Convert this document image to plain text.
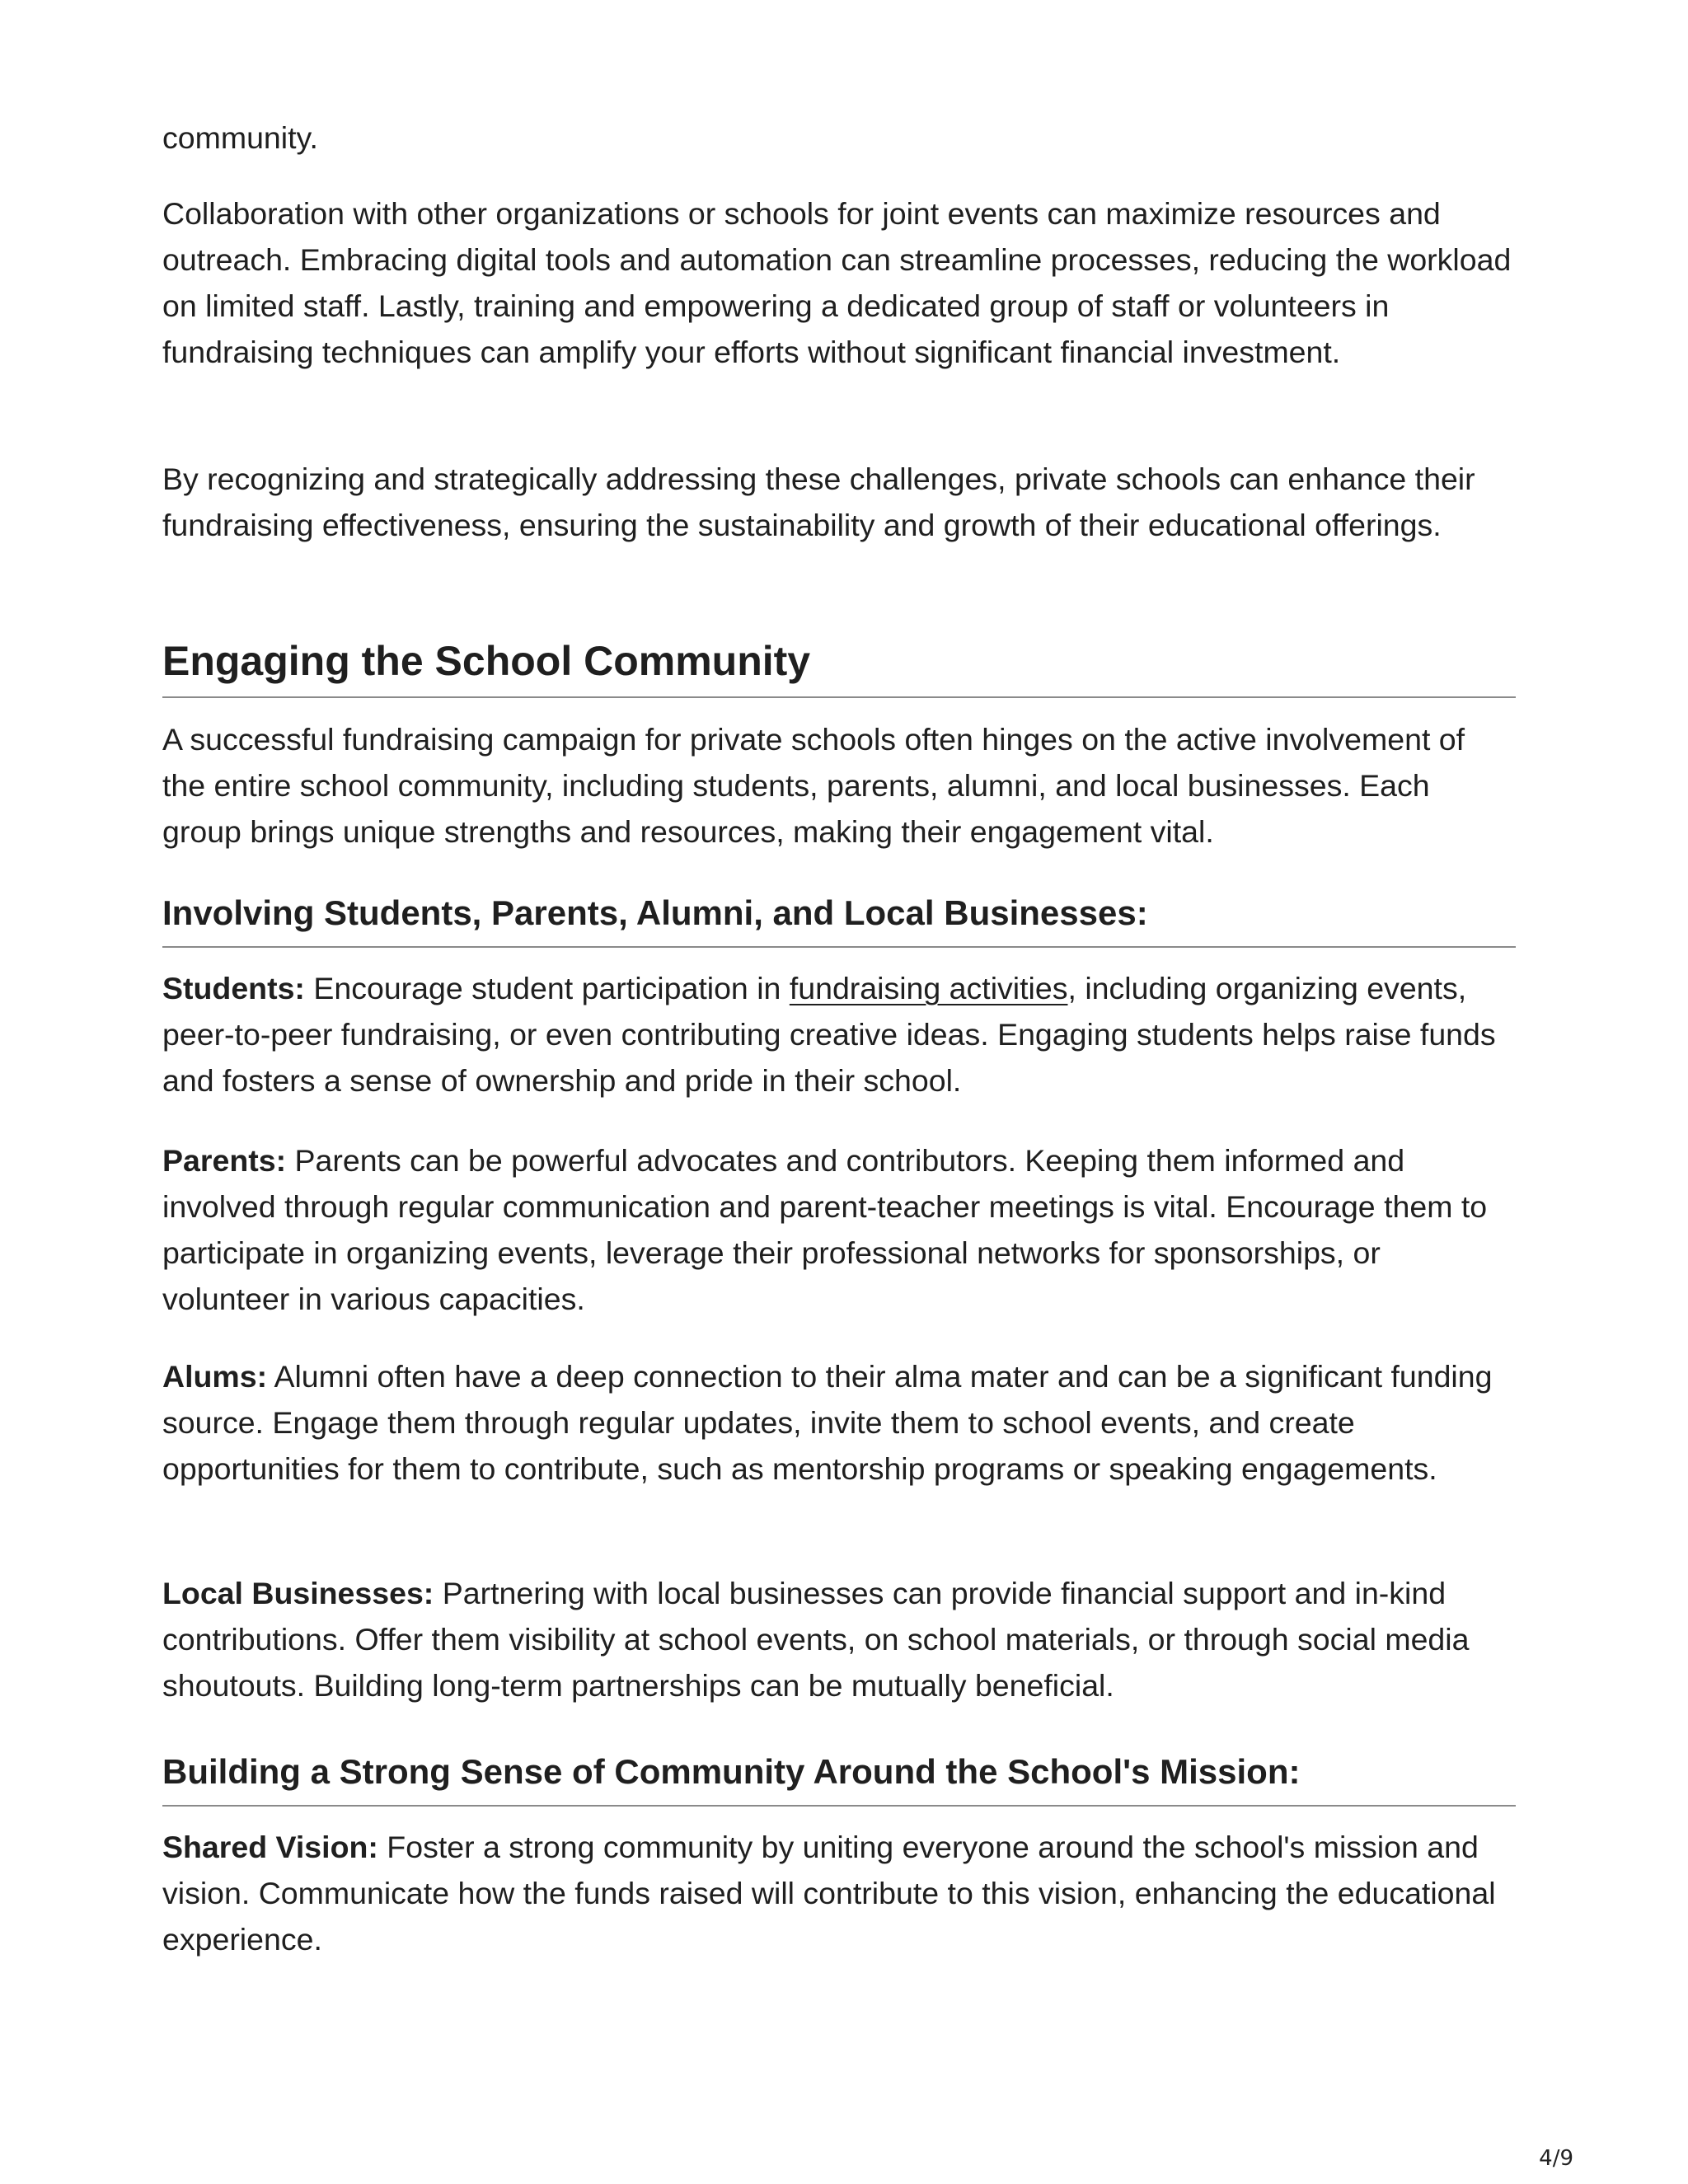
community.

Collaboration with other organizations or schools for joint events can maximize resources and outreach. Embracing digital tools and automation can streamline processes, reducing the workload on limited staff. Lastly, training and empowering a dedicated group of staff or volunteers in fundraising techniques can amplify your efforts without significant financial investment.

By recognizing and strategically addressing these challenges, private schools can enhance their fundraising effectiveness, ensuring the sustainability and growth of their educational offerings.

Engaging the School Community

A successful fundraising campaign for private schools often hinges on the active involvement of the entire school community, including students, parents, alumni, and local businesses. Each group brings unique strengths and resources, making their engagement vital.

Involving Students, Parents, Alumni, and Local Businesses:

Students: Encourage student participation in fundraising activities, including organizing events, peer-to-peer fundraising, or even contributing creative ideas. Engaging students helps raise funds and fosters a sense of ownership and pride in their school.

Parents: Parents can be powerful advocates and contributors. Keeping them informed and involved through regular communication and parent-teacher meetings is vital. Encourage them to participate in organizing events, leverage their professional networks for sponsorships, or volunteer in various capacities.

Alums: Alumni often have a deep connection to their alma mater and can be a significant funding source. Engage them through regular updates, invite them to school events, and create opportunities for them to contribute, such as mentorship programs or speaking engagements.

Local Businesses: Partnering with local businesses can provide financial support and in-kind contributions. Offer them visibility at school events, on school materials, or through social media shoutouts. Building long-term partnerships can be mutually beneficial.

Building a Strong Sense of Community Around the School's Mission:

Shared Vision: Foster a strong community by uniting everyone around the school's mission and vision. Communicate how the funds raised will contribute to this vision, enhancing the educational experience.

4/9
